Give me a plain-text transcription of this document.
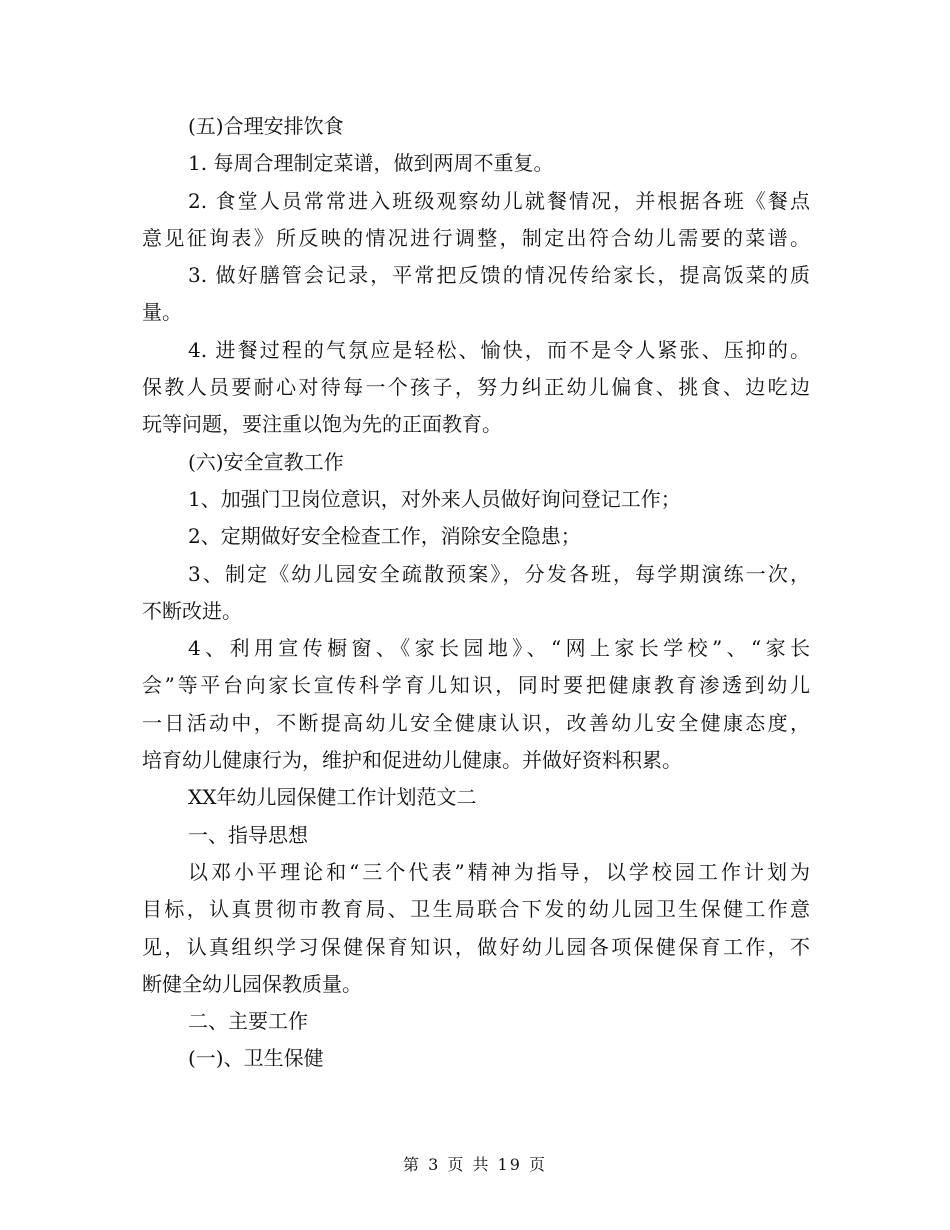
(五)合理安排饮食
1. 每周合理制定菜谱，做到两周不重复。
2. 食堂人员常常进入班级观察幼儿就餐情况，并根据各班《餐点
意见征询表》所反映的情况进行调整，制定出符合幼儿需要的菜谱。
3. 做好膳管会记录，平常把反馈的情况传给家长，提高饭菜的质
量。
4. 进餐过程的气氛应是轻松、愉快，而不是令人紧张、压抑的。
保教人员要耐心对待每一个孩子，努力纠正幼儿偏食、挑食、边吃边
玩等问题，要注重以饱为先的正面教育。
(六)安全宣教工作
1、加强门卫岗位意识，对外来人员做好询问登记工作；
2、定期做好安全检查工作，消除安全隐患；
3、制定《幼儿园安全疏散预案》，分发各班，每学期演练一次，
不断改进。
4、利用宣传橱窗、《家长园地》、“网上家长学校”、“家长
会”等平台向家长宣传科学育儿知识，同时要把健康教育渗透到幼儿
一日活动中，不断提高幼儿安全健康认识，改善幼儿安全健康态度，
培育幼儿健康行为，维护和促进幼儿健康。并做好资料积累。
XX年幼儿园保健工作计划范文二
一、指导思想
以邓小平理论和“三个代表”精神为指导，以学校园工作计划为
目标，认真贯彻市教育局、卫生局联合下发的幼儿园卫生保健工作意
见，认真组织学习保健保育知识，做好幼儿园各项保健保育工作，不
断健全幼儿园保教质量。
二、主要工作
(一)、卫生保健
第 3 页 共 19 页
